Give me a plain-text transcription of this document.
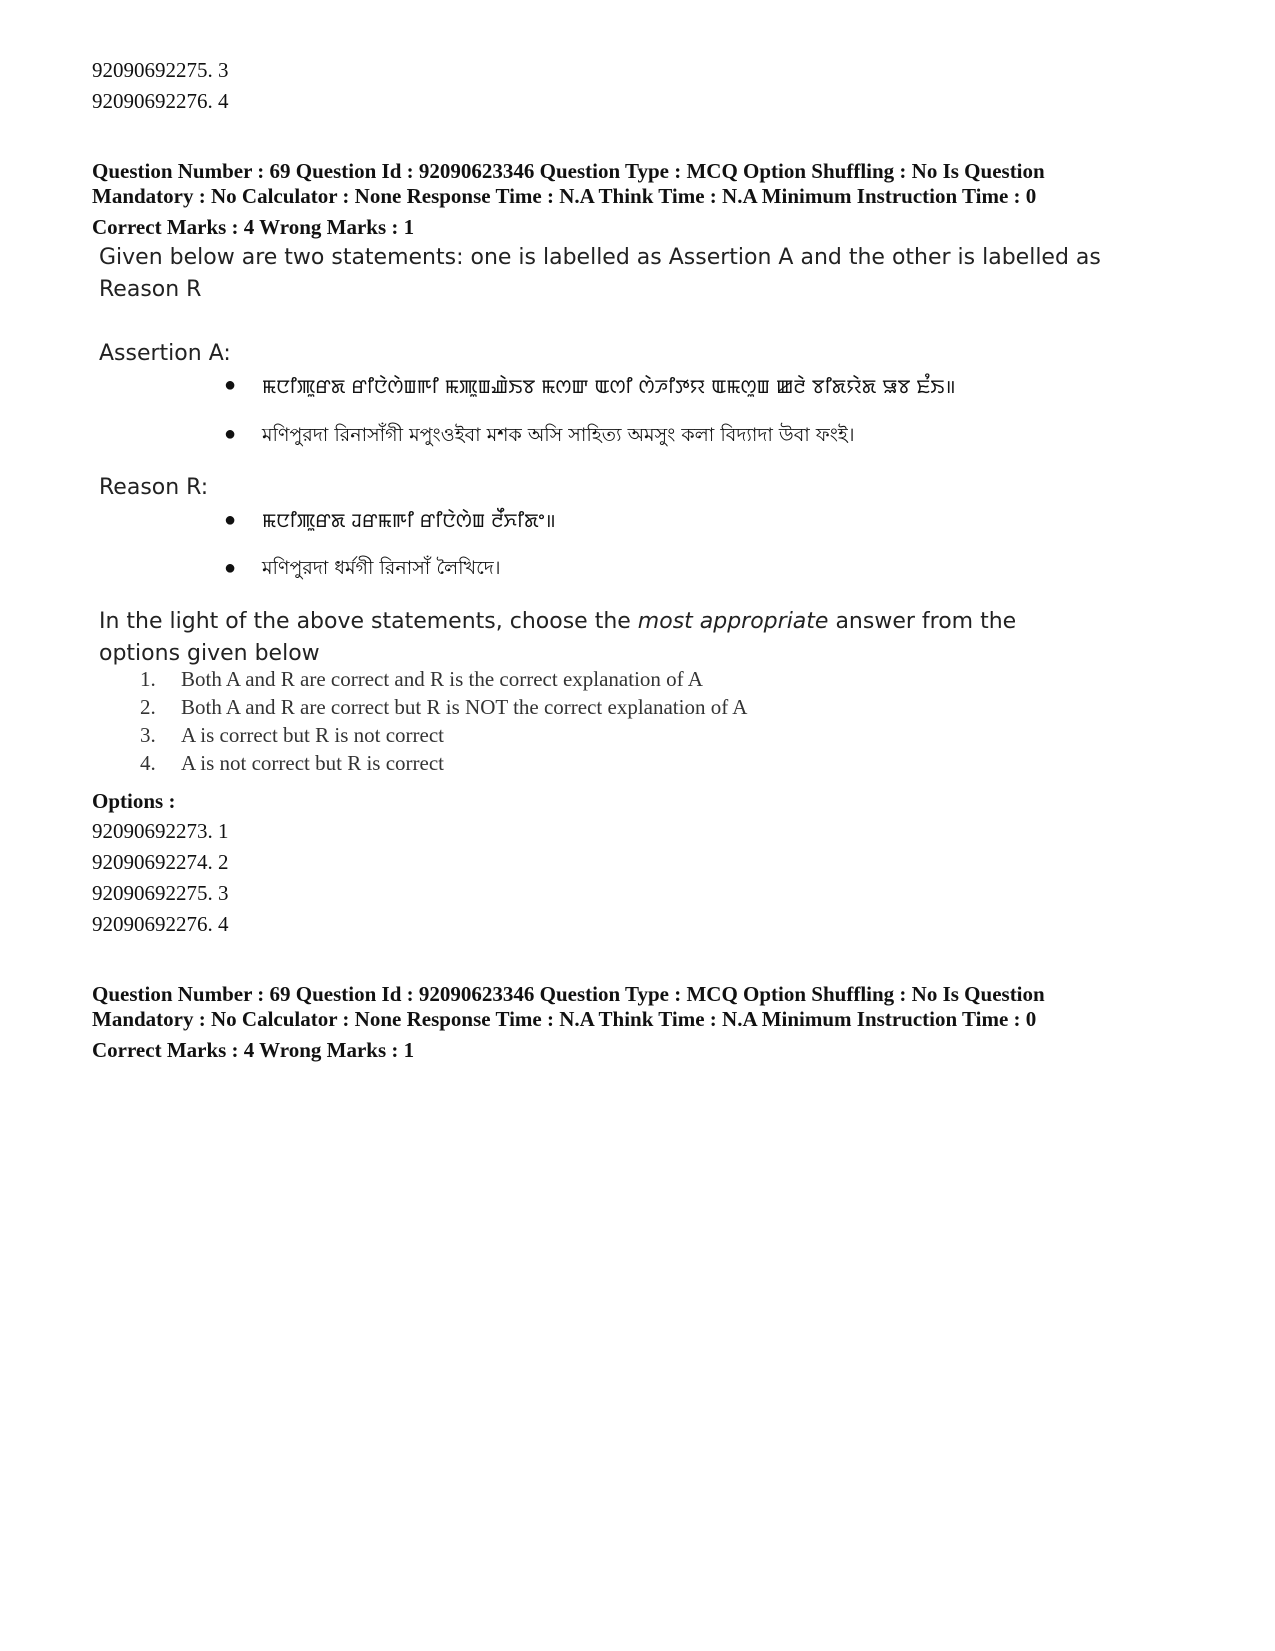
92090692275. 3
92090692276. 4
Question Number : 69 Question Id : 92090623346 Question Type : MCQ Option Shuffling : No Is Question
Mandatory : No Calculator : None Response Time : N.A Think Time : N.A Minimum Instruction Time : 0
Correct Marks : 4 Wrong Marks : 1
Given below are two statements: one is labelled as Assertion A and the other is labelled as
Reason R
Assertion A:
● ꯃꯅꯤꯄꯨꯔꯗ ꯔꯤꯅꯥꯁꯥꯡꯒꯤ ꯃꯄꯨꯡꯉꯥꯏꯕ ꯃꯁꯛ ꯑꯁꯤ ꯁꯥꯍꯤꯇꯌ ꯑꯃꯁꯨꯡ ꯀꯂꯥ ꯕꯤꯗꯌꯥꯗ ꯎꯕ ꯐꯪꯏ॥
● মণিপুরদা রিনাসাঁগী মপুংওইবা মশক অসি সাহিত্য অমসুং কলা বিদ্যাদা উবা ফংই।
Reason R:
● ꯃꯅꯤꯄꯨꯔꯗ ꯙꯔꯃꯒꯤ ꯔꯤꯅꯥꯁꯥꯡ ꯂꯩꯈꯤꯗꯦ॥
● মণিপুরদা ধর্মগী রিনাসাঁ লৈখিদে।
In the light of the above statements, choose the most appropriate answer from the
options given below
1. Both A and R are correct and R is the correct explanation of A
2. Both A and R are correct but R is NOT the correct explanation of A
3. A is correct but R is not correct
4. A is not correct but R is correct
Options :
92090692273. 1
92090692274. 2
92090692275. 3
92090692276. 4
Question Number : 69 Question Id : 92090623346 Question Type : MCQ Option Shuffling : No Is Question
Mandatory : No Calculator : None Response Time : N.A Think Time : N.A Minimum Instruction Time : 0
Correct Marks : 4 Wrong Marks : 1
